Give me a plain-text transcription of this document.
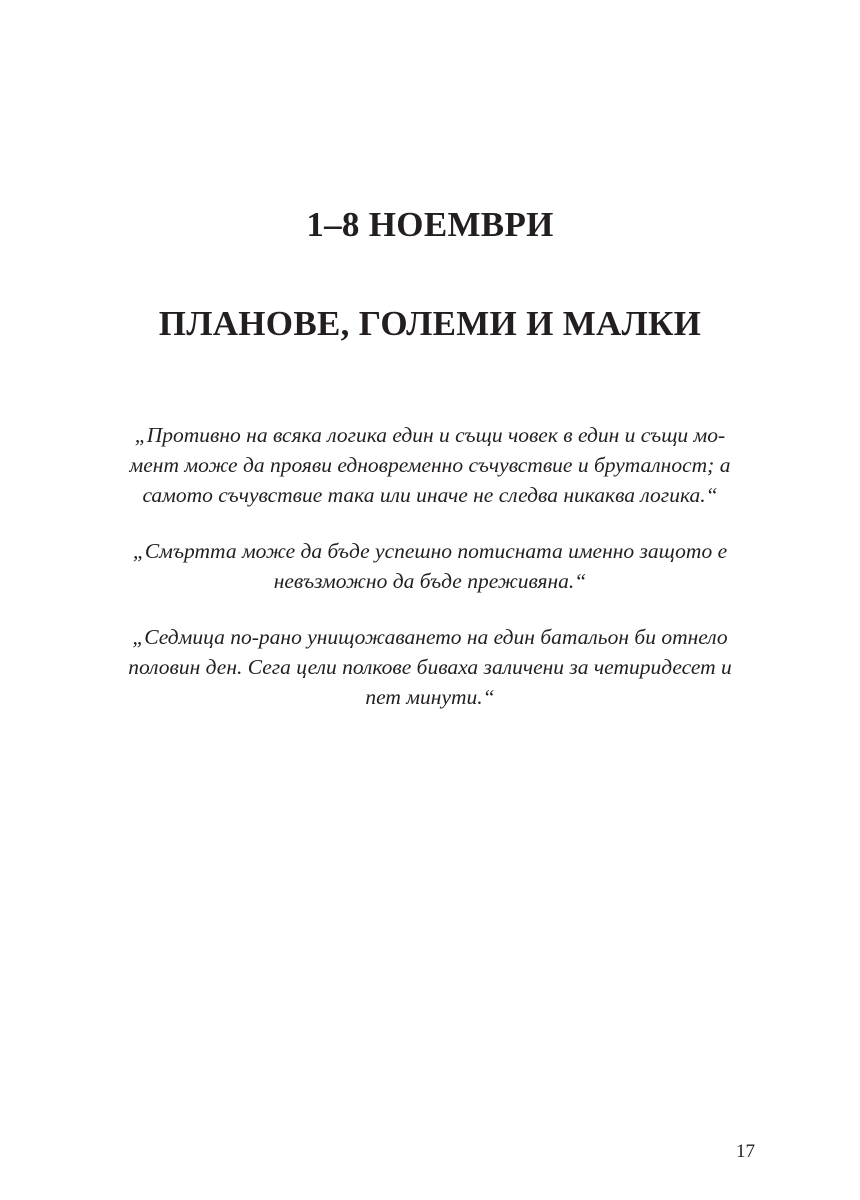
1–8 НОЕМВРИ
ПЛАНОВЕ, ГОЛЕМИ И МАЛКИ

„Противно на всяка логика един и същи човек в един и същи мо-
мент може да прояви едновременно съчувствие и бруталност; а
самото съчувствие така или иначе не следва никаква логика.“

„Смъртта може да бъде успешно потисната именно защото е
невъзможно да бъде преживяна.“

„Седмица по-рано унищожаването на един батальон би отнело
половин ден. Сега цели полкове биваха заличени за четиридесет и
пет минути.“

17
